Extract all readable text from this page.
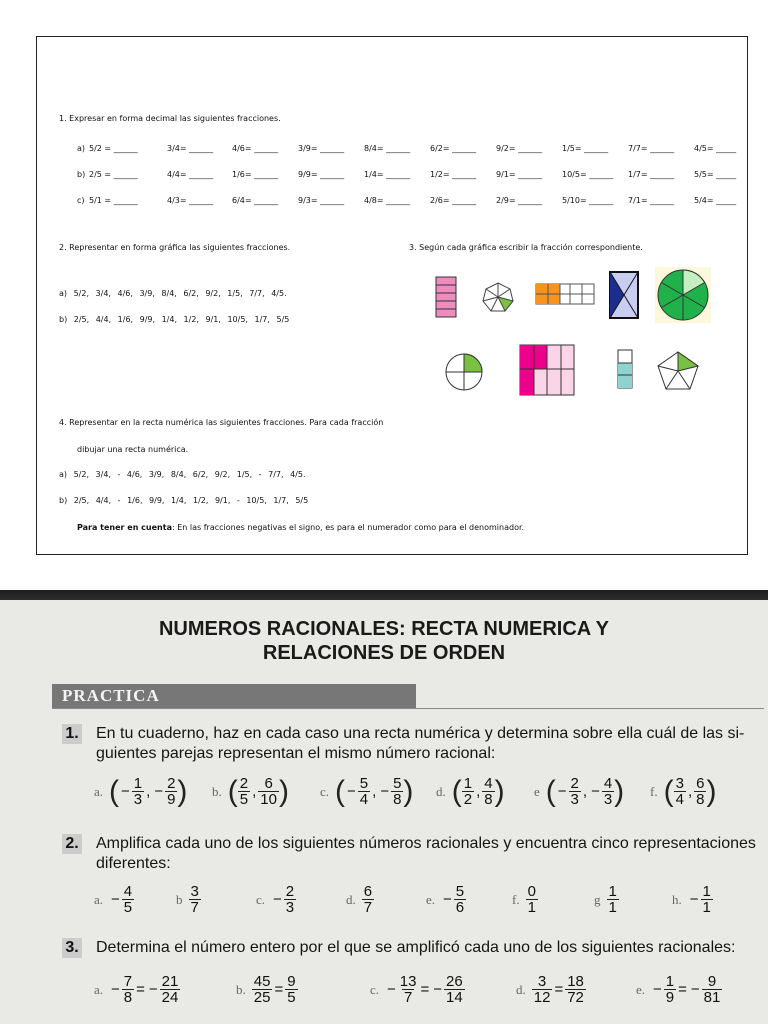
1. Expresar en forma decimal las siguientes fracciones.
a) 5/2 = ______	3/4= ______	4/6= ______	3/9= ______	8/4= ______	6/2= ______	9/2= ______	1/5= ______	7/7= ______	4/5= _____
b) 2/5 = ______	4/4= ______	1/6= ______	9/9= ______	1/4= ______	1/2= ______	9/1= ______	10/5= ______	1/7= ______	5/5= _____
c) 5/1 = ______	4/3= ______	6/4= ______	9/3= ______	4/8= ______	2/6= ______	2/9= ______	5/10= ______	7/1= ______	5/4= _____
2. Representar en forma gráfica las siguientes fracciones.
a) 5/2, 3/4, 4/6, 3/9, 8/4, 6/2, 9/2, 1/5, 7/7, 4/5.
b) 2/5, 4/4, 1/6, 9/9, 1/4, 1/2, 9/1, 10/5, 1/7, 5/5
3. Según cada gráfica escribir la fracción correspondiente.
4. Representar en la recta numérica las siguientes fracciones. Para cada fracción
dibujar una recta numérica.
a) 5/2, 3/4, - 4/6, 3/9, 8/4, 6/2, 9/2, 1/5, - 7/7, 4/5.
b) 2/5, 4/4, - 1/6, 9/9, 1/4, 1/2, 9/1, - 10/5, 1/7, 5/5
Para tener en cuenta: En las fracciones negativas el signo, es para el numerador como para el denominador.
NUMEROS RACIONALES: RECTA NUMERICA Y
RELACIONES DE ORDEN
PRACTICA
1. En tu cuaderno, haz en cada caso una recta numérica y determina sobre ella cuál de las si-
guientes parejas representan el mismo número racional:
a. ( − $\frac{1}{3}$ , − $\frac{2}{9}$ ) b. ( $\frac{2}{5}$ , $\frac{6}{10}$ ) c. ( − $\frac{5}{4}$ , − $\frac{5}{8}$ ) d. ( $\frac{1}{2}$ , $\frac{4}{8}$ ) e ( − $\frac{2}{3}$ , − $\frac{4}{3}$ ) f. ( $\frac{3}{4}$ , $\frac{6}{8}$ )
2. Amplifica cada uno de los siguientes números racionales y encuentra cinco representaciones
diferentes:
a. − $\frac{4}{5}$	b $\frac{3}{7}$	c. − $\frac{2}{3}$	d. $\frac{6}{7}$	e. − $\frac{5}{6}$	f. $\frac{0}{1}$	g $\frac{1}{1}$	h. − $\frac{1}{1}$
3. Determina el número entero por el que se amplificó cada uno de los siguientes racionales:
a. − $\frac{7}{8}$ = − $\frac{21}{24}$	b. $\frac{45}{25} = \frac{9}{5}$	c. − $\frac{13}{7}$ = − $\frac{26}{14}$	d. $\frac{3}{12} = \frac{18}{72}$	e. − $\frac{1}{9}$ = − $\frac{9}{81}$
